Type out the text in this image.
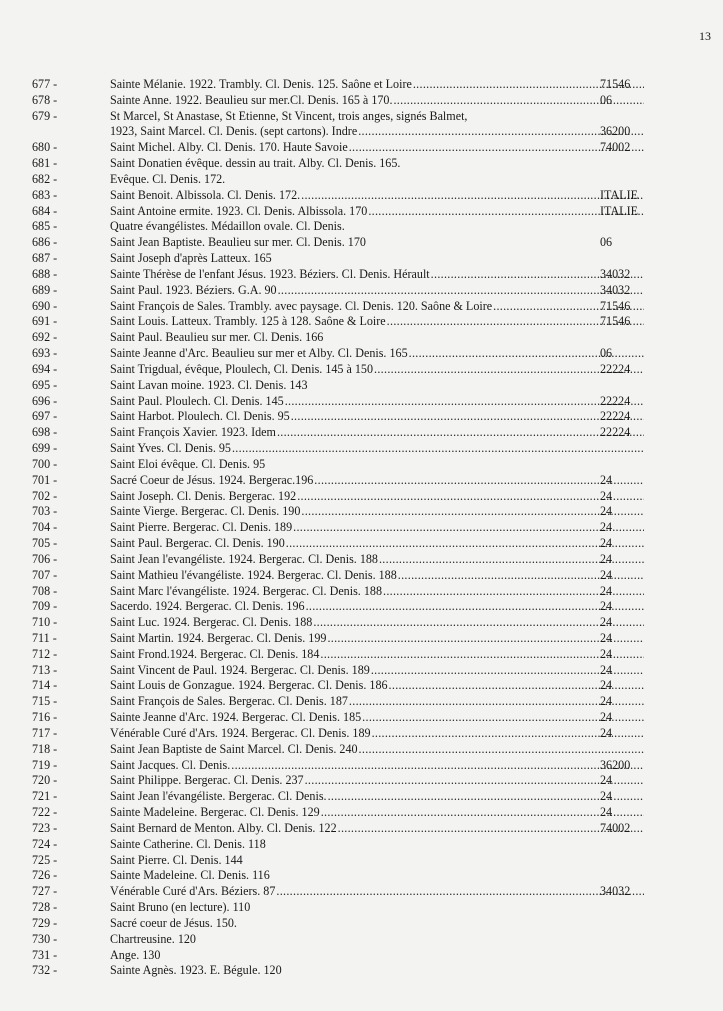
13
677 -	Sainte Mélanie. 1922. Trambly. Cl. Denis. 125. Saône et Loire .....	71546
678 -	Sainte Anne. 1922. Beaulieu sur mer.Cl. Denis. 165 à 170. .....	06
679 -	St Marcel, St Anastase, St Etienne, St Vincent, trois anges, signés Balmet,
1923, Saint Marcel. Cl. Denis. (sept cartons). Indre .....	36200
680 -	Saint Michel. Alby. Cl. Denis. 170. Haute Savoie .....	74002
681 -	Saint Donatien évêque. dessin au trait. Alby. Cl. Denis. 165.
682 -	Evêque. Cl. Denis. 172.
683 -	Saint Benoit. Albissola. Cl. Denis. 172. .....	ITALIE
684 -	Saint Antoine ermite. 1923. Cl. Denis. Albissola. 170 .....	ITALIE
685 -	Quatre évangélistes. Médaillon ovale. Cl. Denis.
686 -	Saint Jean Baptiste. Beaulieu sur mer. Cl. Denis. 170	06
687 -	Saint Joseph d'après Latteux. 165
688 -	Sainte Thérèse de l'enfant Jésus. 1923. Béziers. Cl. Denis. Hérault .....	34032
689 -	Saint Paul. 1923. Béziers. G.A. 90 .....	34032
690 -	Saint François de Sales. Trambly. avec paysage. Cl. Denis. 120. Saône & Loire .....	71546
691 -	Saint Louis. Latteux. Trambly. 125 à 128. Saône & Loire .....	71546
692 -	Saint Paul. Beaulieu sur mer. Cl. Denis. 166
693 -	Sainte Jeanne d'Arc. Beaulieu sur mer et Alby. Cl. Denis. 165 .....	06
694 -	Saint Trigdual, évêque, Ploulech, Cl. Denis. 145 à 150 .....	22224
695 -	Saint Lavan moine. 1923. Cl. Denis. 143
696 -	Saint Paul. Ploulech. Cl. Denis. 145 .....	22224
697 -	Saint Harbot. Ploulech. Cl. Denis. 95 .....	22224
698 -	Saint François Xavier. 1923. Idem .....	22224
699 -	Saint Yves. Cl. Denis. 95
.....
700 -	Saint Eloi évêque. Cl. Denis. 95
701 -	Sacré Coeur de Jésus. 1924. Bergerac.196 .....	24
702 -	Saint Joseph. Cl. Denis. Bergerac. 192 .....	24
703 -	Sainte Vierge. Bergerac. Cl. Denis. 190 .....	24
704 -	Saint Pierre. Bergerac. Cl. Denis. 189 .....	24
705 -	Saint Paul. Bergerac. Cl. Denis. 190 .....	24
706 -	Saint Jean l'evangéliste. 1924. Bergerac. Cl. Denis. 188 .....	24
707 -	Saint Mathieu l'évangéliste. 1924. Bergerac. Cl. Denis. 188 .....	24
708 -	Saint Marc l'évangéliste. 1924. Bergerac. Cl. Denis. 188 .....	24
709 -	Sacerdo. 1924. Bergerac. Cl. Denis. 196 .....	24
710 -	Saint Luc. 1924. Bergerac. Cl. Denis. 188 .....	24
711 -	Saint Martin. 1924. Bergerac. Cl. Denis. 199 .....	24
712 -	Saint Frond.1924. Bergerac. Cl. Denis. 184 .....	24
713 -	Saint Vincent de Paul. 1924. Bergerac. Cl. Denis. 189 .....	24
714 -	Saint Louis de Gonzague. 1924. Bergerac. Cl. Denis. 186 .....	24
715 -	Saint François de Sales. Bergerac. Cl. Denis. 187 .....	24
716 -	Sainte Jeanne d'Arc. 1924. Bergerac. Cl. Denis. 185 .....	24
717 -	Vénérable Curé d'Ars. 1924. Bergerac. Cl. Denis. 189 .....	24
718 -	Saint Jean Baptiste de Saint Marcel. Cl. Denis. 240
.....
719 -	Saint Jacques. Cl. Denis. .....	36200
720 -	Saint Philippe. Bergerac. Cl. Denis. 237 .....	24
721 -	Saint Jean l'évangéliste. Bergerac. Cl. Denis. .....	24
722 -	Sainte Madeleine. Bergerac. Cl. Denis. 129 .....	24
723 -	Saint Bernard de Menton. Alby. Cl. Denis. 122 .....	74002
724 -	Sainte Catherine. Cl. Denis. 118
725 -	Saint Pierre. Cl. Denis. 144
726 -	Sainte Madeleine. Cl. Denis. 116
727 -	Vénérable Curé d'Ars. Béziers. 87 .....	34032
728 -	Saint Bruno (en lecture). 110
729 -	Sacré coeur de Jésus. 150.
730 -	Chartreusine. 120
731 -	Ange. 130
732 -	Sainte Agnès. 1923. E. Bégule. 120
